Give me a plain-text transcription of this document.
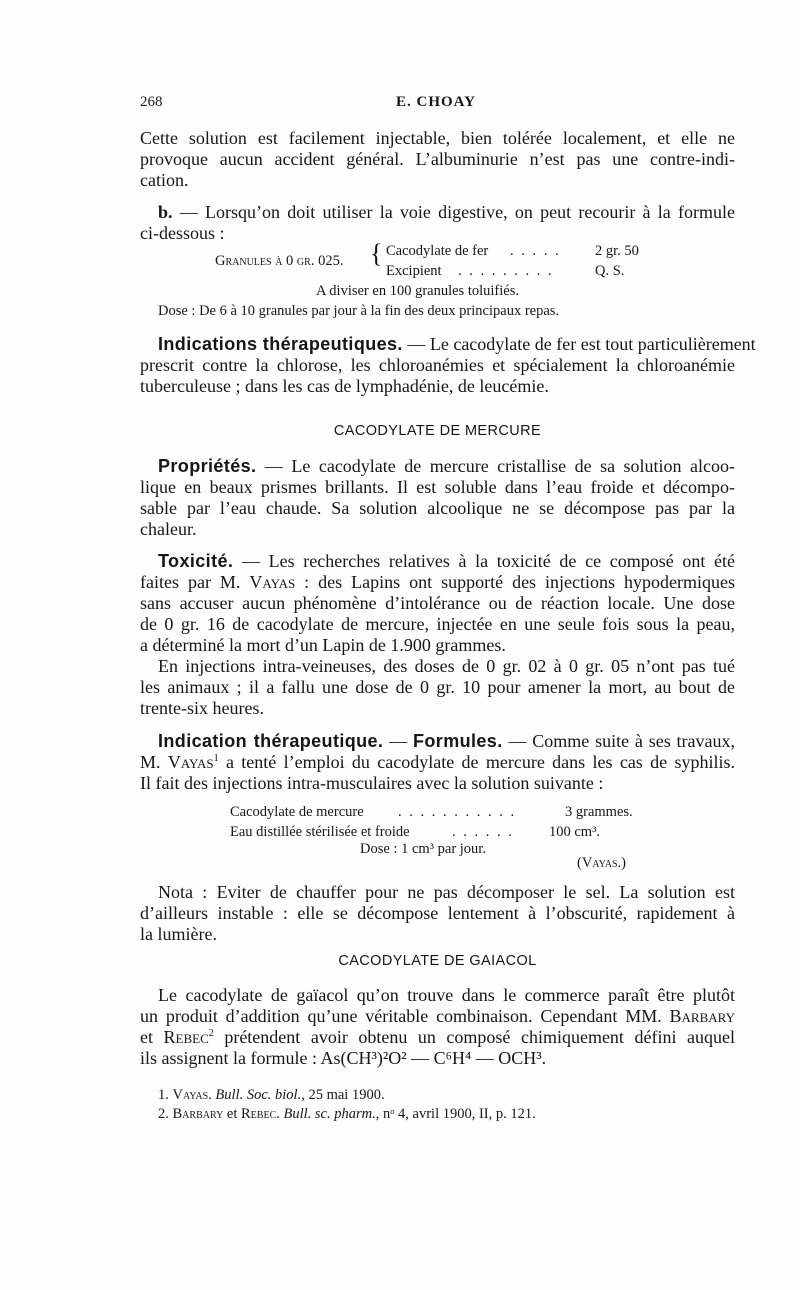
268	E. CHOAY
Cette solution est facilement injectable, bien tolérée localement, et elle ne
provoque aucun accident général. L’albuminurie n’est pas une contre-indi-
cation.
b. — Lorsqu’on doit utiliser la voie digestive, on peut recourir à la formule
ci-dessous :
Granules à 0 gr. 025. { Cacodylate de fer . . . . . 2 gr. 50
Excipient . . . . . . . . .	Q. S.
A diviser en 100 granules toluifiés.
Dose : De 6 à 10 granules par jour à la fin des deux principaux repas.
Indications thérapeutiques. — Le cacodylate de fer est tout particulièrement
prescrit contre la chlorose, les chloroanémies et spécialement la chloroanémie
tuberculeuse ; dans les cas de lymphadénie, de leucémie.
CACODYLATE DE MERCURE
Propriétés. — Le cacodylate de mercure cristallise de sa solution alcoo-
lique en beaux prismes brillants. Il est soluble dans l’eau froide et décompo-
sable par l’eau chaude. Sa solution alcoolique ne se décompose pas par la
chaleur.
Toxicité. — Les recherches relatives à la toxicité de ce composé ont été
faites par M. Vayas : des Lapins ont supporté des injections hypodermiques
sans accuser aucun phénomène d’intolérance ou de réaction locale. Une dose
de 0 gr. 16 de cacodylate de mercure, injectée en une seule fois sous la peau,
a déterminé la mort d’un Lapin de 1.900 grammes.
En injections intra-veineuses, des doses de 0 gr. 02 à 0 gr. 05 n’ont pas tué
les animaux ; il a fallu une dose de 0 gr. 10 pour amener la mort, au bout de
trente-six heures.
Indication thérapeutique. — Formules. — Comme suite à ses travaux,
M. Vayas$^1$ a tenté l’emploi du cacodylate de mercure dans les cas de syphilis.
Il fait des injections intra-musculaires avec la solution suivante :
Cacodylate de mercure . . . . . . . . . . .	3 grammes.
Eau distillée stérilisée et froide	. . . . . . 100 cm³.
Dose : 1 cm³ par jour.
(Vayas.)
Nota : Eviter de chauffer pour ne pas décomposer le sel. La solution est
d’ailleurs instable : elle se décompose lentement à l’obscurité, rapidement à
la lumière.
CACODYLATE DE GAIACOL
Le cacodylate de gaïacol qu’on trouve dans le commerce paraît être plutôt
un produit d’addition qu’une véritable combinaison. Cependant MM. Barbary
et Rebec$^2$ prétendent avoir obtenu un composé chimiquement défini auquel
ils assignent la formule : As(CH³)²O² — C⁶H⁴ — OCH³.
1. Vayas. Bull. Soc. biol., 25 mai 1900.
2. Barbary et Rebec. Bull. sc. pharm., nᵒ 4, avril 1900, II, p. 121.
